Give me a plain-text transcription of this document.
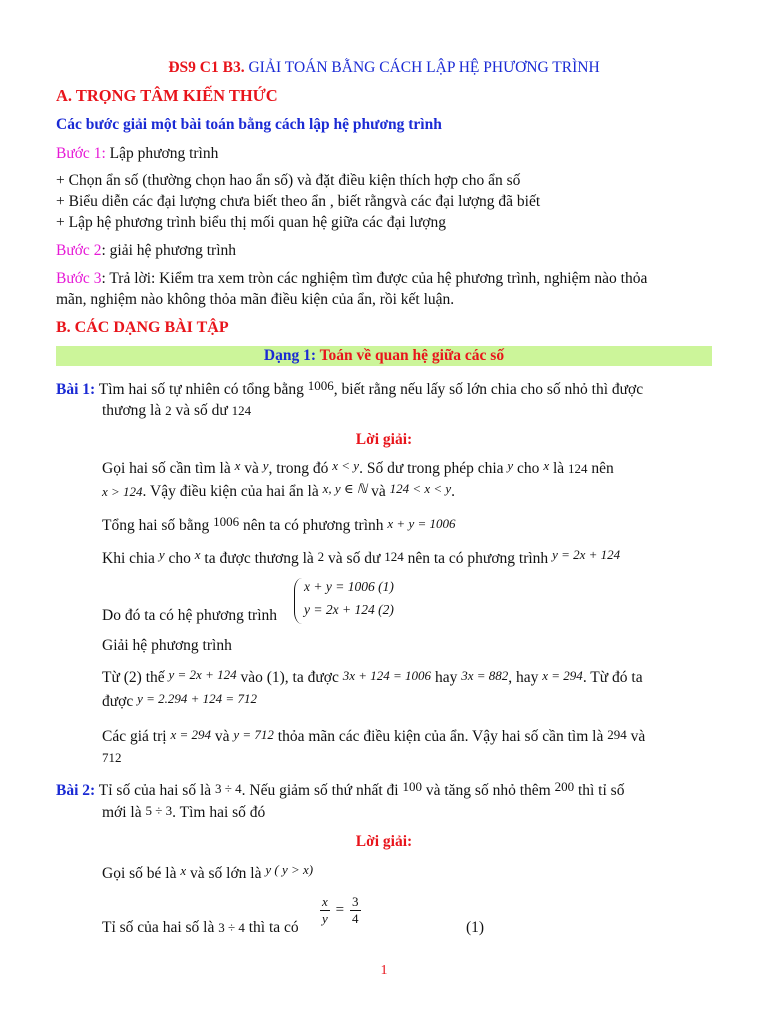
ĐS9 C1 B3. GIẢI TOÁN BẰNG CÁCH LẬP HỆ PHƯƠNG TRÌNH
A. TRỌNG TÂM KIẾN THỨC
Các bước giải một bài toán bằng cách lập hệ phương trình
Bước 1: Lập phương trình
+ Chọn ẩn số (thường chọn hao ẩn số) và đặt điều kiện thích hợp cho ẩn số
+ Biểu diễn các đại lượng chưa biết theo ẩn , biết rằngvà các đại lượng đã biết
+ Lập hệ phương trình biểu thị mối quan hệ giữa các đại lượng
Bước 2: giải hệ phương trình
Bước 3: Trả lời: Kiểm tra xem tròn các nghiệm tìm được của hệ phương trình, nghiệm nào thỏa
mãn, nghiệm nào không thỏa mãn điều kiện của ẩn, rồi kết luận.
B. CÁC DẠNG BÀI TẬP
Dạng 1: Toán về quan hệ giữa các số
Bài 1: Tìm hai số tự nhiên có tổng bằng $^{1006}$, biết rằng nếu lấy số lớn chia cho số nhỏ thì được
thương là 2 và số dư 124
Lời giải:
Gọi hai số cần tìm là x và y, trong đó x < y. Số dư trong phép chia y cho x là 124 nên
x > 124. Vậy điều kiện của hai ẩn là x, y ∈ ℕ và 124 < x < y.
Tổng hai số bằng $^{1006}$ nên ta có phương trình x + y = 1006
Khi chia y cho x ta được thương là 2 và số dư 124 nên ta có phương trình y = 2x + 124
x + y = 1006 (1)
y = 2x + 124 (2)
Do đó ta có hệ phương trình
Giải hệ phương trình
Từ (2) thế y = 2x + 124 vào (1), ta được 3x + 124 = 1006 hay 3x = 882, hay x = 294. Từ đó ta
được y = 2.294 + 124 = 712
Các giá trị x = 294 và y = 712 thỏa mãn các điều kiện của ẩn. Vậy hai số cần tìm là 294 và
712
Bài 2: Tỉ số của hai số là 3 ÷ 4. Nếu giảm số thứ nhất đi $^{100}$ và tăng số nhỏ thêm $^{200}$ thì tỉ số
mới là 5 ÷ 3. Tìm hai số đó
Lời giải:
Gọi số bé là x và số lớn là y ( y > x)
Tỉ số của hai số là 3 ÷ 4 thì ta có
$\frac{x}{y} = \frac{3}{4}$
(1)
1
